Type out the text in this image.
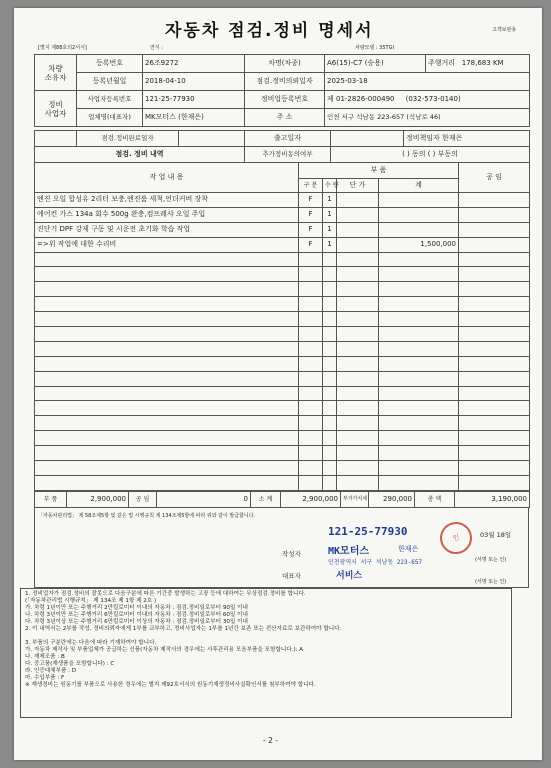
자동차 점검.정비 명세서	고객보관용
[별지 제88호의2서식]	연식 :	차량모델 : 35TGI
차량
소유자	등록번호	26조9272	차명(차종)	A6(15)-C7 (승용)	주행거리 178,683 KM
	등록년월일	2018-04-10	점검.정비의뢰일자	2025-03-18	
정비
사업자	사업자등록번호	121-25-77930	정비업등록번호	제 01-2826-000490 (032-573-0140)	
	업체명(대표자)	MK모터스 (한재은)	주 소	인천 서구 석남동 223-657 (석남로 46)	
	점검.정비완료일자		출고일자		정비책임자 한재은
점검. 정비 내역			추가정비동의여부	( ) 동의 ( ) 부동의	
작 업 내 용	부 품				공 임
	구 분	수 량	단 가	계	
엔진 오일 합성유 2리터 보충,엔진룸 세척,언더커버 장착	F	1			
에어컨 가스 134a 회수 500g 완충,컴프레샤 오일 주입	F	1			
진단기 DPF 강제 구동 및 시운전 초기화 학습 작업	F	1			
=>위 작업에 대한 수리비	F	1		1,500,000	

부 품	2,900,000	공 임	0	소 계	2,900,000	부가가치세	290,000	총 액	3,190,000
「자동차관리법」 제 58조제5항 및 같은 법 시행규칙 제 134조제5항에 따라 위와 같이 발급합니다.
03월 18일
작성자
(서명 또는 인)
대표자
(서명 또는 인)
121-25-77930
MK모터스	한재은
인천광역시 서구 석남동 223-657
서비스
인
1. 정비업자가 점검.정비의 잘못으로 다음구분에 따른 기간중 발생하는 고장 등에 대하여는 무상점검.정비를 합니다.
(「자동차관리법 시행규칙」 제 134조 제 1항 제 2호 )
가. 차령 1년이만 또는 주행거리 2만킬로미터 이내의 자동차 : 점검.정비일로부터 90일 이내
나. 차령 3년이만 또는 주행거리 6만킬로미터 이내의 자동차 : 점검.정비일로부터 60일 이내
다. 차령 3년이상 또는 주행거리 6만킬로미터 이상의 자동차 : 점검.정비일로부터 30일 이내
2. 이 내역서는 2부를 작성, 정비의뢰자에게 1부를 교부하고, 정비사업자는 1부를 1년간 보존 또는 전산자료로 보관하여야 합니다.

3. 부품의 구분란에는 다음에 따라 기재하여야 합니다.
가. 자동차 제작사 및 부품업체가 공급하는 신품(자동차 제작사의 경우에는 사후관리용 모음부품을 포함합니다.): A
나. 재제조품 : B
다. 중고품(재생품을 포함합니다) : C
라. 인증대체부품 : D
마. 수입부품 : F
※ 재생정비는 원동기를 부품으로 사용한 경우에는 별지 제92호서식의 원동기재생정비사실확인서를 첨부하여야 합니다.
- 2 -
